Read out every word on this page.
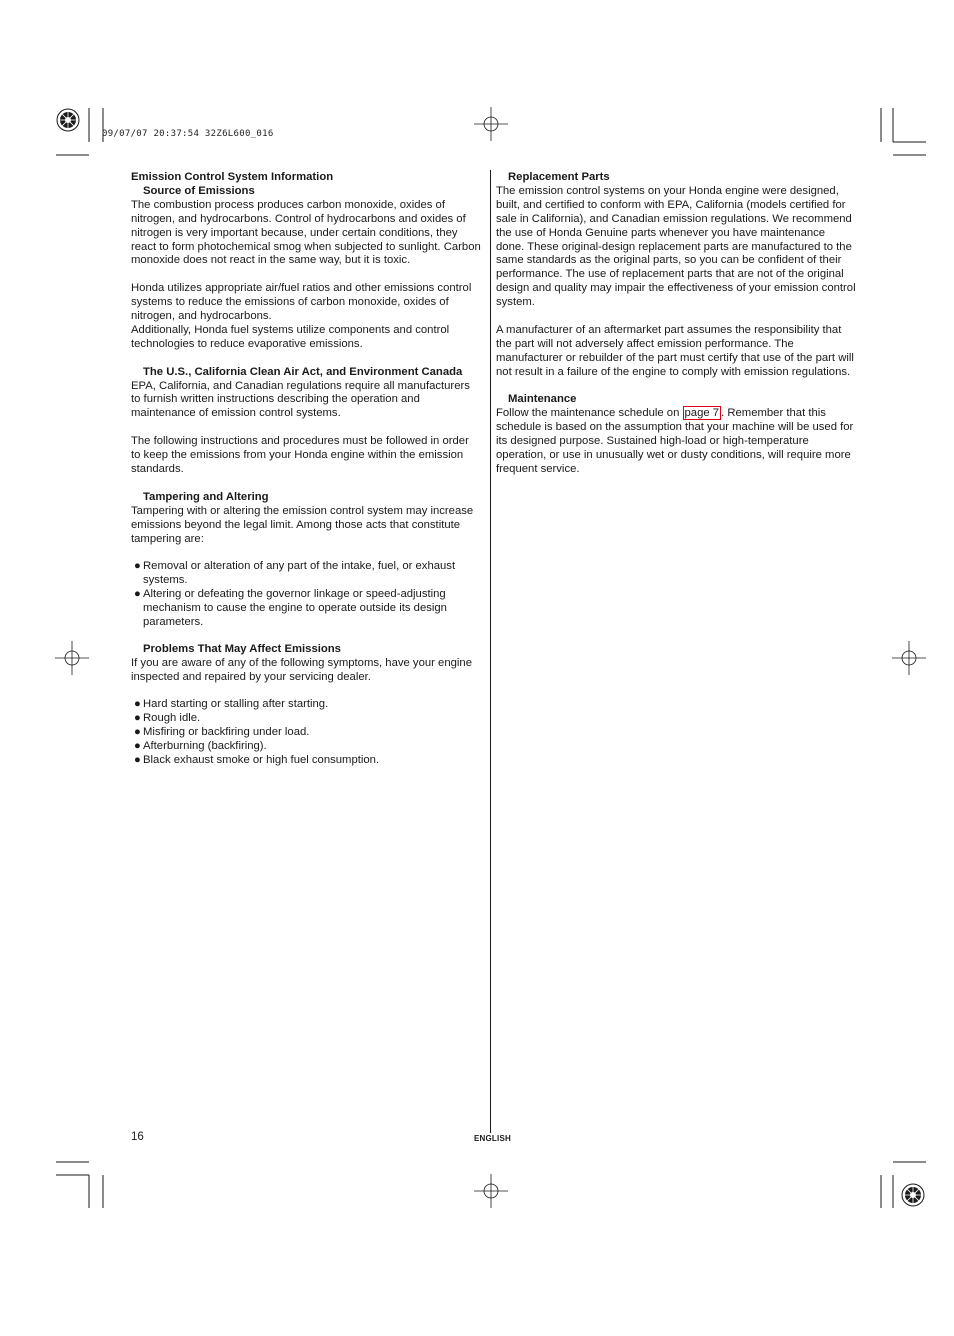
09/07/07 20:37:54 32Z6L600_016

Emission Control System Information

Source of Emissions

The combustion process produces carbon monoxide, oxides of nitrogen, and hydrocarbons. Control of hydrocarbons and oxides of nitrogen is very important because, under certain conditions, they react to form photochemical smog when subjected to sunlight. Carbon monoxide does not react in the same way, but it is toxic.

Honda utilizes appropriate air/fuel ratios and other emissions control systems to reduce the emissions of carbon monoxide, oxides of nitrogen, and hydrocarbons.

Additionally, Honda fuel systems utilize components and control technologies to reduce evaporative emissions.

The U.S., California Clean Air Act, and Environment Canada

EPA, California, and Canadian regulations require all manufacturers to furnish written instructions describing the operation and maintenance of emission control systems.

The following instructions and procedures must be followed in order to keep the emissions from your Honda engine within the emission standards.

Tampering and Altering

Tampering with or altering the emission control system may increase emissions beyond the legal limit. Among those acts that constitute tampering are:

● Removal or alteration of any part of the intake, fuel, or exhaust systems.

● Altering or defeating the governor linkage or speed-adjusting mechanism to cause the engine to operate outside its design parameters.

Problems That May Affect Emissions

If you are aware of any of the following symptoms, have your engine inspected and repaired by your servicing dealer.

● Hard starting or stalling after starting.

● Rough idle.

● Misfiring or backfiring under load.

● Afterburning (backfiring).

● Black exhaust smoke or high fuel consumption.

Replacement Parts

The emission control systems on your Honda engine were designed, built, and certified to conform with EPA, California (models certified for sale in California), and Canadian emission regulations. We recommend the use of Honda Genuine parts whenever you have maintenance done. These original-design replacement parts are manufactured to the same standards as the original parts, so you can be confident of their performance. The use of replacement parts that are not of the original design and quality may impair the effectiveness of your emission control system.

A manufacturer of an aftermarket part assumes the responsibility that the part will not adversely affect emission performance. The manufacturer or rebuilder of the part must certify that use of the part will not result in a failure of the engine to comply with emission regulations.

Maintenance

Follow the maintenance schedule on page 7 . Remember that this schedule is based on the assumption that your machine will be used for its designed purpose. Sustained high-load or high-temperature operation, or use in unusually wet or dusty conditions, will require more frequent service.

16	ENGLISH
